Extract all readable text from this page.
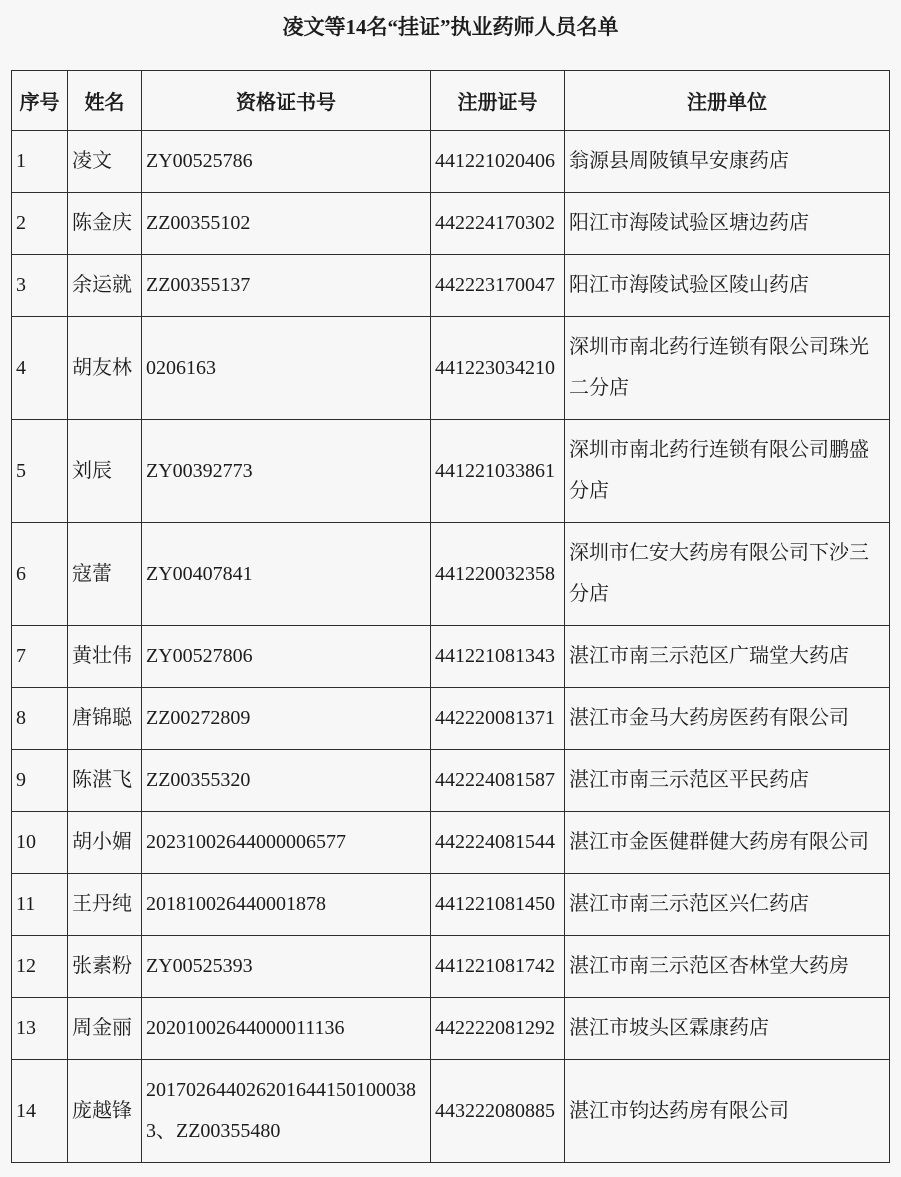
凌文等14名“挂证”执业药师人员名单
序号	姓名	资格证书号	注册证号	注册单位
1	凌文	ZY00525786	441221020406	翁源县周陂镇早安康药店
2	陈金庆	ZZ00355102	442224170302	阳江市海陵试验区塘边药店
3	余运就	ZZ00355137	442223170047	阳江市海陵试验区陵山药店
4	胡友林	0206163	441223034210	深圳市南北药行连锁有限公司珠光二分店
5	刘辰	ZY00392773	441221033861	深圳市南北药行连锁有限公司鹏盛分店
6	寇蕾	ZY00407841	441220032358	深圳市仁安大药房有限公司下沙三分店
7	黄壮伟	ZY00527806	441221081343	湛江市南三示范区广瑞堂大药店
8	唐锦聪	ZZ00272809	442220081371	湛江市金马大药房医药有限公司
9	陈湛飞	ZZ00355320	442224081587	湛江市南三示范区平民药店
10	胡小媚	20231002644000006577	442224081544	湛江市金医健群健大药房有限公司
11	王丹纯	201810026440001878	441221081450	湛江市南三示范区兴仁药店
12	张素粉	ZY00525393	441221081742	湛江市南三示范区杏林堂大药房
13	周金丽	20201002644000011136	442222081292	湛江市坡头区霖康药店
14	庞越锋	2017026440262016441501000383、ZZ00355480	443222080885	湛江市钧达药房有限公司
